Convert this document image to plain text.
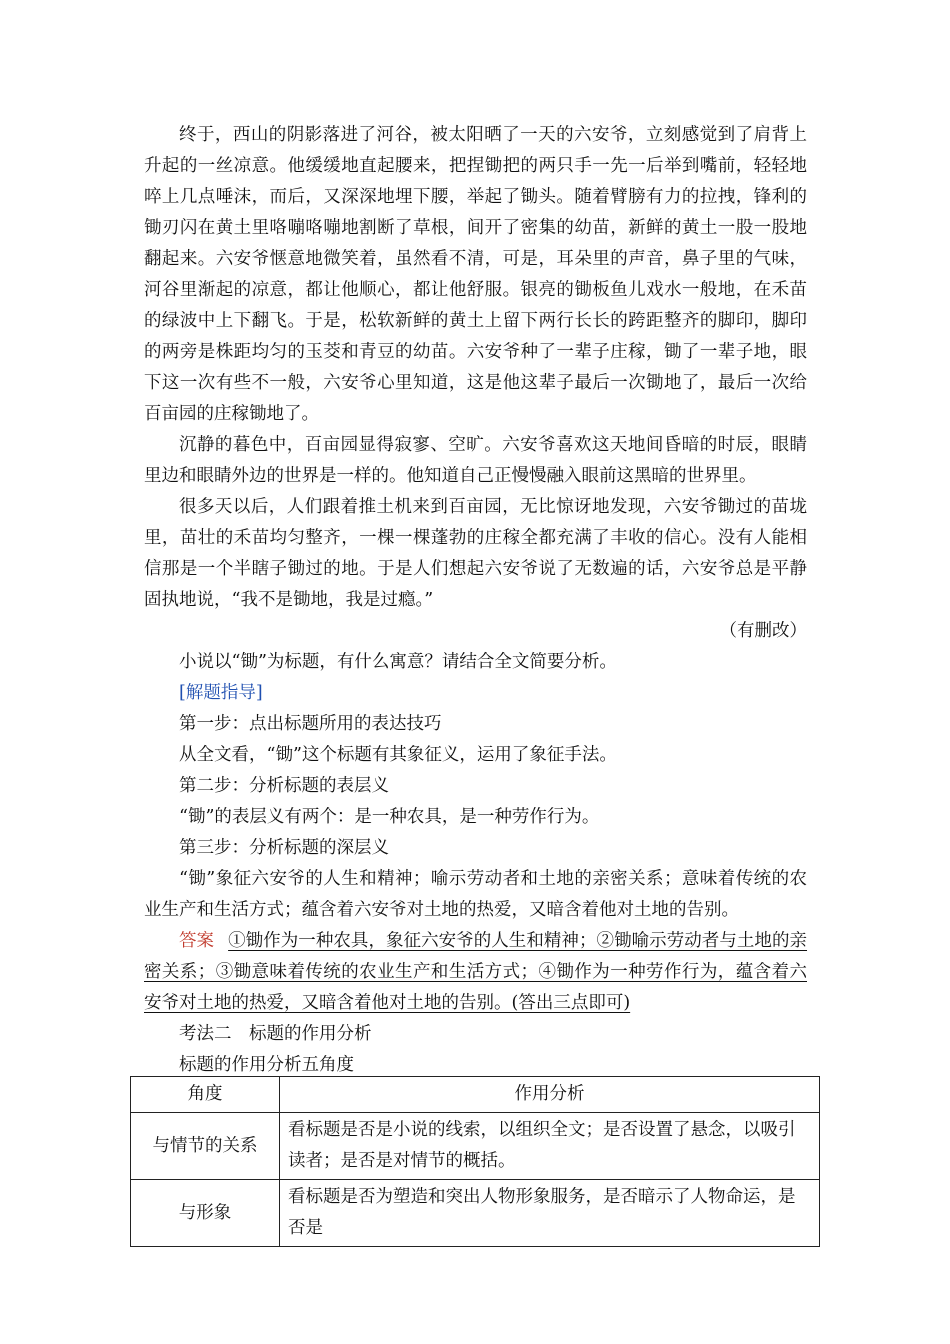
终于，西山的阴影落进了河谷，被太阳晒了一天的六安爷，立刻感觉到了肩背上升起的一丝凉意。他缓缓地直起腰来，把捏锄把的两只手一先一后举到嘴前，轻轻地啐上几点唾沫，而后，又深深地埋下腰，举起了锄头。随着臂膀有力的拉拽，锋利的锄刃闪在黄土里咯嘣咯嘣地割断了草根，间开了密集的幼苗，新鲜的黄土一股一股地翻起来。六安爷惬意地微笑着，虽然看不清，可是，耳朵里的声音，鼻子里的气味，河谷里渐起的凉意，都让他顺心，都让他舒服。银亮的锄板鱼儿戏水一般地，在禾苗的绿波中上下翻飞。于是，松软新鲜的黄土上留下两行长长的跨距整齐的脚印，脚印的两旁是株距均匀的玉茭和青豆的幼苗。六安爷种了一辈子庄稼，锄了一辈子地，眼下这一次有些不一般，六安爷心里知道，这是他这辈子最后一次锄地了，最后一次给百亩园的庄稼锄地了。

沉静的暮色中，百亩园显得寂寥、空旷。六安爷喜欢这天地间昏暗的时辰，眼睛里边和眼睛外边的世界是一样的。他知道自己正慢慢融入眼前这黑暗的世界里。

很多天以后，人们跟着推土机来到百亩园，无比惊讶地发现，六安爷锄过的苗垅里，苗壮的禾苗均匀整齐，一棵一棵蓬勃的庄稼全都充满了丰收的信心。没有人能相信那是一个半瞎子锄过的地。于是人们想起六安爷说了无数遍的话，六安爷总是平静固执地说，“我不是锄地，我是过瘾。”

（有删改）

小说以“锄”为标题，有什么寓意？请结合全文简要分析。

[解题指导]

第一步：点出标题所用的表达技巧

从全文看，“锄”这个标题有其象征义，运用了象征手法。

第二步：分析标题的表层义

“锄”的表层义有两个：是一种农具，是一种劳作行为。

第三步：分析标题的深层义

“锄”象征六安爷的人生和精神；喻示劳动者和土地的亲密关系；意味着传统的农业生产和生活方式；蕴含着六安爷对土地的热爱，又暗含着他对土地的告别。

答案 ①锄作为一种农具，象征六安爷的人生和精神；②锄喻示劳动者与土地的亲密关系；③锄意味着传统的农业生产和生活方式；④锄作为一种劳作行为，蕴含着六安爷对土地的热爱，又暗含着他对土地的告别。(答出三点即可)

考法二　标题的作用分析

标题的作用分析五角度

角度	作用分析
与情节的关系	看标题是否是小说的线索，以组织全文；是否设置了悬念，以吸引读者；是否是对情节的概括。
与形象	看标题是否为塑造和突出人物形象服务，是否暗示了人物命运，是否是
